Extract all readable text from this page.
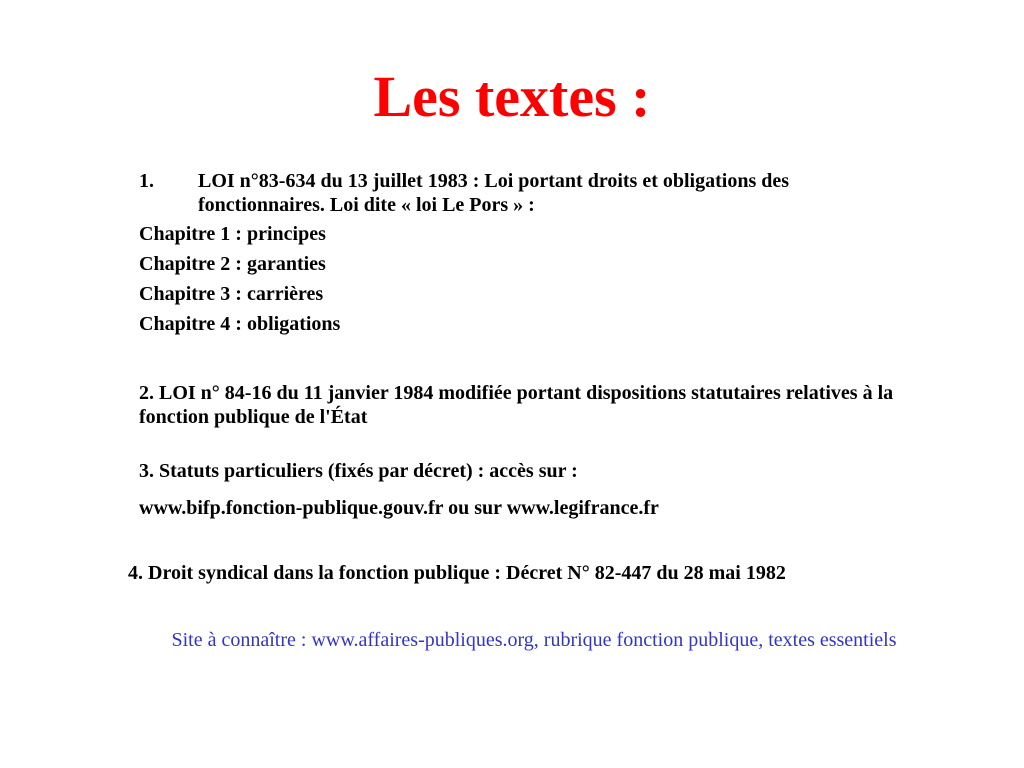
Les textes :
1. LOI n°83-634 du 13 juillet 1983 : Loi portant droits et obligations des fonctionnaires. Loi dite « loi Le Pors » :
Chapitre 1 : principes
Chapitre 2 : garanties
Chapitre 3 : carrières
Chapitre 4 : obligations
2. LOI n° 84-16 du 11 janvier 1984 modifiée portant dispositions statutaires relatives à la fonction publique de l'État
3. Statuts particuliers (fixés par décret) : accès sur :
www.bifp.fonction-publique.gouv.fr ou sur www.legifrance.fr
4. Droit syndical dans la fonction publique : Décret N° 82-447 du 28 mai 1982
Site à connaître : www.affaires-publiques.org, rubrique fonction publique, textes essentiels
